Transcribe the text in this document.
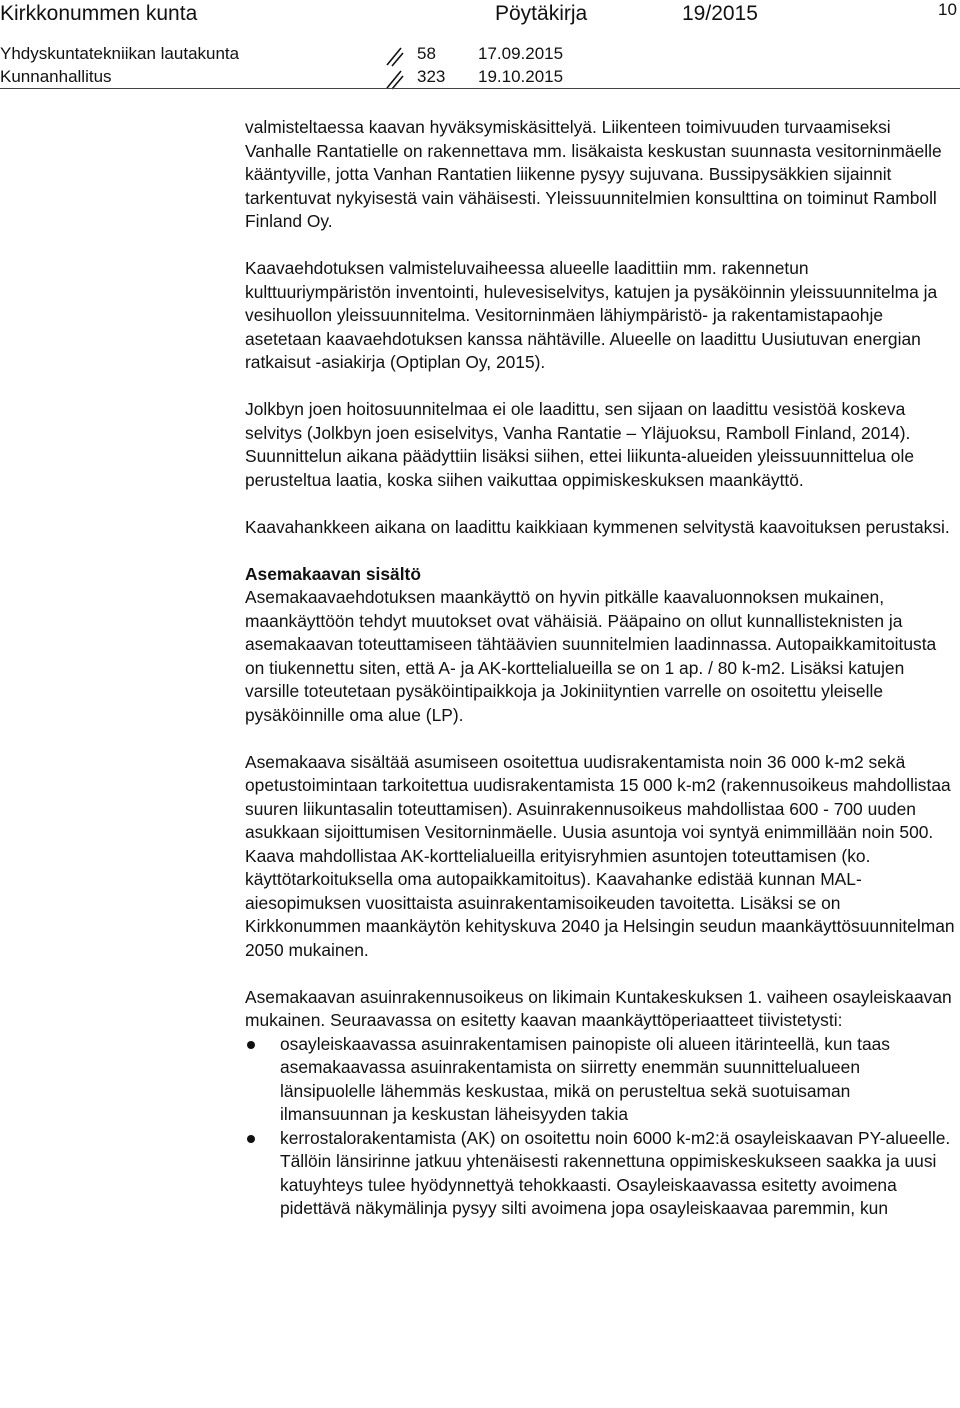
Kirkkonummen kunta	Pöytäkirja	19/2015	10
Yhdyskuntatekniikan lautakunta	58 17.09.2015
Kunnanhallitus	323 19.10.2015

valmisteltaessa kaavan hyväksymiskäsittelyä. Liikenteen toimivuuden turvaamiseksi Vanhalle Rantatielle on rakennettava mm. lisäkaista keskustan suunnasta vesitorninmäelle kääntyville, jotta Vanhan Rantatien liikenne pysyy sujuvana. Bussipysäkkien sijainnit tarkentuvat nykyisestä vain vähäisesti. Yleissuunnitelmien konsulttina on toiminut Ramboll Finland Oy.

Kaavaehdotuksen valmisteluvaiheessa alueelle laadittiin mm. rakennetun kulttuuriympäristön inventointi, hulevesiselvitys, katujen ja pysäköinnin yleissuunnitelma ja vesihuollon yleissuunnitelma. Vesitorninmäen lähiympäristö- ja rakentamistapaohje asetetaan kaavaehdotuksen kanssa nähtäville. Alueelle on laadittu Uusiutuvan energian ratkaisut -asiakirja (Optiplan Oy, 2015).

Jolkbyn joen hoitosuunnitelmaa ei ole laadittu, sen sijaan on laadittu vesistöä koskeva selvitys (Jolkbyn joen esiselvitys, Vanha Rantatie – Yläjuoksu, Ramboll Finland, 2014). Suunnittelun aikana päädyttiin lisäksi siihen, ettei liikunta-alueiden yleissuunnittelua ole perusteltua laatia, koska siihen vaikuttaa oppimiskeskuksen maankäyttö.

Kaavahankkeen aikana on laadittu kaikkiaan kymmenen selvitystä kaavoituksen perustaksi.

Asemakaavan sisältö

Asemakaavaehdotuksen maankäyttö on hyvin pitkälle kaavaluonnoksen mukainen, maankäyttöön tehdyt muutokset ovat vähäisiä. Pääpaino on ollut kunnallisteknisten ja asemakaavan toteuttamiseen tähtäävien suunnitelmien laadinnassa. Autopaikkamitoitusta on tiukennettu siten, että A- ja AK-korttelialueilla se on 1 ap. / 80 k-m2. Lisäksi katujen varsille toteutetaan pysäköintipaikkoja ja Jokiniityntien varrelle on osoitettu yleiselle pysäköinnille oma alue (LP).

Asemakaava sisältää asumiseen osoitettua uudisrakentamista noin 36 000 k-m2 sekä opetustoimintaan tarkoitettua uudisrakentamista 15 000 k-m2 (rakennusoikeus mahdollistaa suuren liikuntasalin toteuttamisen). Asuinrakennusoikeus mahdollistaa 600 - 700 uuden asukkaan sijoittumisen Vesitorninmäelle. Uusia asuntoja voi syntyä enimmillään noin 500. Kaava mahdollistaa AK-korttelialueilla erityisryhmien asuntojen toteuttamisen (ko. käyttötarkoituksella oma autopaikkamitoitus). Kaavahanke edistää kunnan MAL-aiesopimuksen vuosittaista asuinrakentamisoikeuden tavoitetta. Lisäksi se on Kirkkonummen maankäytön kehityskuva 2040 ja Helsingin seudun maankäyttösuunnitelman 2050 mukainen.

Asemakaavan asuinrakennusoikeus on likimain Kuntakeskuksen 1. vaiheen osayleiskaavan mukainen. Seuraavassa on esitetty kaavan maankäyttöperiaatteet tiivistetysti:

osayleiskaavassa asuinrakentamisen painopiste oli alueen itärinteellä, kun taas asemakaavassa asuinrakentamista on siirretty enemmän suunnittelualueen länsipuolelle lähemmäs keskustaa, mikä on perusteltua sekä suotuisaman ilmansuunnan ja keskustan läheisyyden takia
kerrostalorakentamista (AK) on osoitettu noin 6000 k-m2:ä osayleiskaavan PY-alueelle. Tällöin länsirinne jatkuu yhtenäisesti rakennettuna oppimiskeskukseen saakka ja uusi katuyhteys tulee hyödynnettyä tehokkaasti. Osayleiskaavassa esitetty avoimena pidettävä näkymälinja pysyy silti avoimena jopa osayleiskaavaa paremmin, kun
